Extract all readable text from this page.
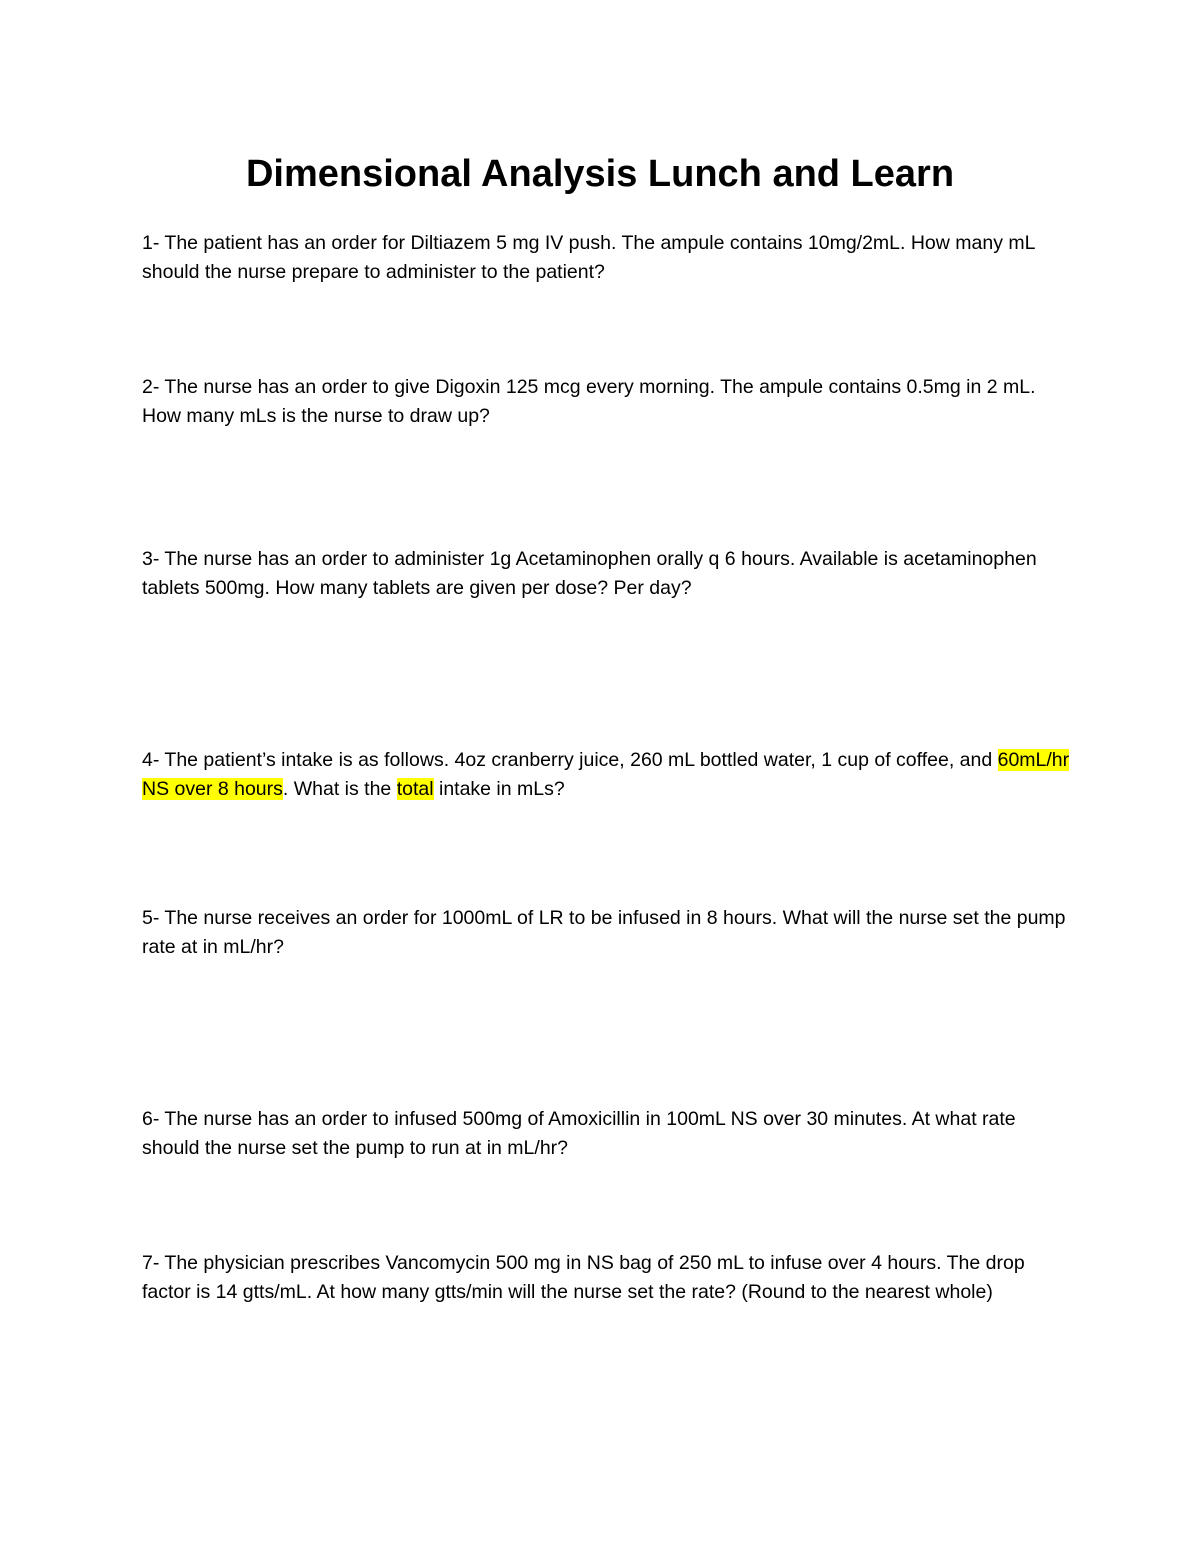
Dimensional Analysis Lunch and Learn

1- The patient has an order for Diltiazem 5 mg IV push. The ampule contains 10mg/2mL. How many mL should the nurse prepare to administer to the patient?

2- The nurse has an order to give Digoxin 125 mcg every morning. The ampule contains 0.5mg in 2 mL. How many mLs is the nurse to draw up?

3- The nurse has an order to administer 1g Acetaminophen orally q 6 hours. Available is acetaminophen tablets 500mg. How many tablets are given per dose? Per day?

4- The patient’s intake is as follows. 4oz cranberry juice, 260 mL bottled water, 1 cup of coffee, and 60mL/hr NS over 8 hours. What is the total intake in mLs?

5- The nurse receives an order for 1000mL of LR to be infused in 8 hours. What will the nurse set the pump rate at in mL/hr?

6- The nurse has an order to infused 500mg of Amoxicillin in 100mL NS over 30 minutes. At what rate should the nurse set the pump to run at in mL/hr?

7- The physician prescribes Vancomycin 500 mg in NS bag of 250 mL to infuse over 4 hours. The drop factor is 14 gtts/mL. At how many gtts/min will the nurse set the rate? (Round to the nearest whole)
